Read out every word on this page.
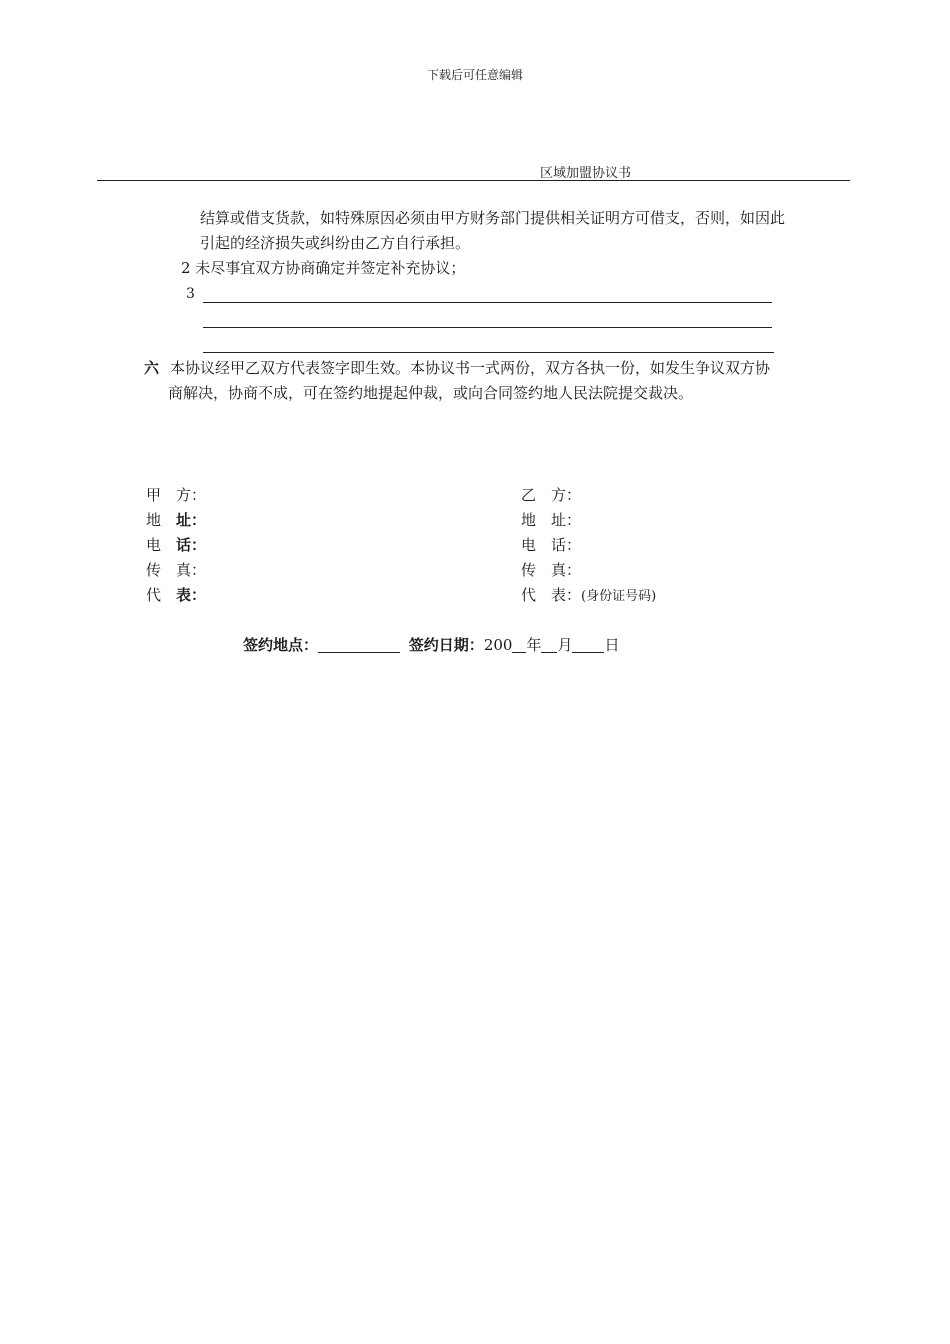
下载后可任意编辑
区域加盟协议书
结算或借支货款，如特殊原因必须由甲方财务部门提供相关证明方可借支，否则，如因此
引起的经济损失或纠纷由乙方自行承担。
2 未尽事宜双方协商确定并签定补充协议；
3
六 本协议经甲乙双方代表签字即生效。本协议书一式两份，双方各执一份，如发生争议双方协
商解决，协商不成，可在签约地提起仲裁，或向合同签约地人民法院提交裁决。
甲 方：
地 址：
电 话：
传 真：
代 表：
乙 方：
地 址：
电 话：
传 真：
代 表：(身份证号码)
签约地点：	签约日期：200 年 月 日
